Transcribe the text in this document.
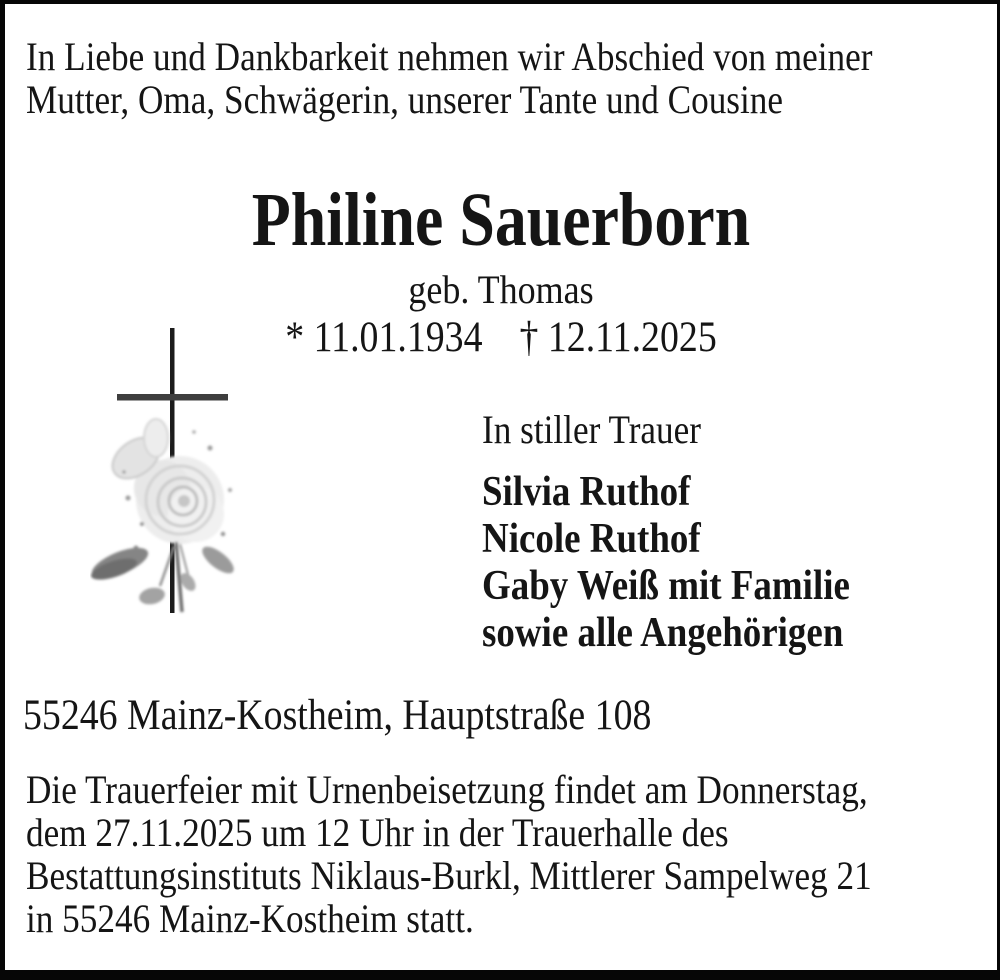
In Liebe und Dankbarkeit nehmen wir Abschied von meiner
Mutter, Oma, Schwägerin, unserer Tante und Cousine
Philine Sauerborn
geb. Thomas
* 11.01.1934 † 12.11.2025
In stiller Trauer
Silvia Ruthof
Nicole Ruthof
Gaby Weiß mit Familie
sowie alle Angehörigen
55246 Mainz-Kostheim, Hauptstraße 108
Die Trauerfeier mit Urnenbeisetzung findet am Donnerstag,
dem 27.11.2025 um 12 Uhr in der Trauerhalle des
Bestattungsinstituts Niklaus-Burkl, Mittlerer Sampelweg 21
in 55246 Mainz-Kostheim statt.
